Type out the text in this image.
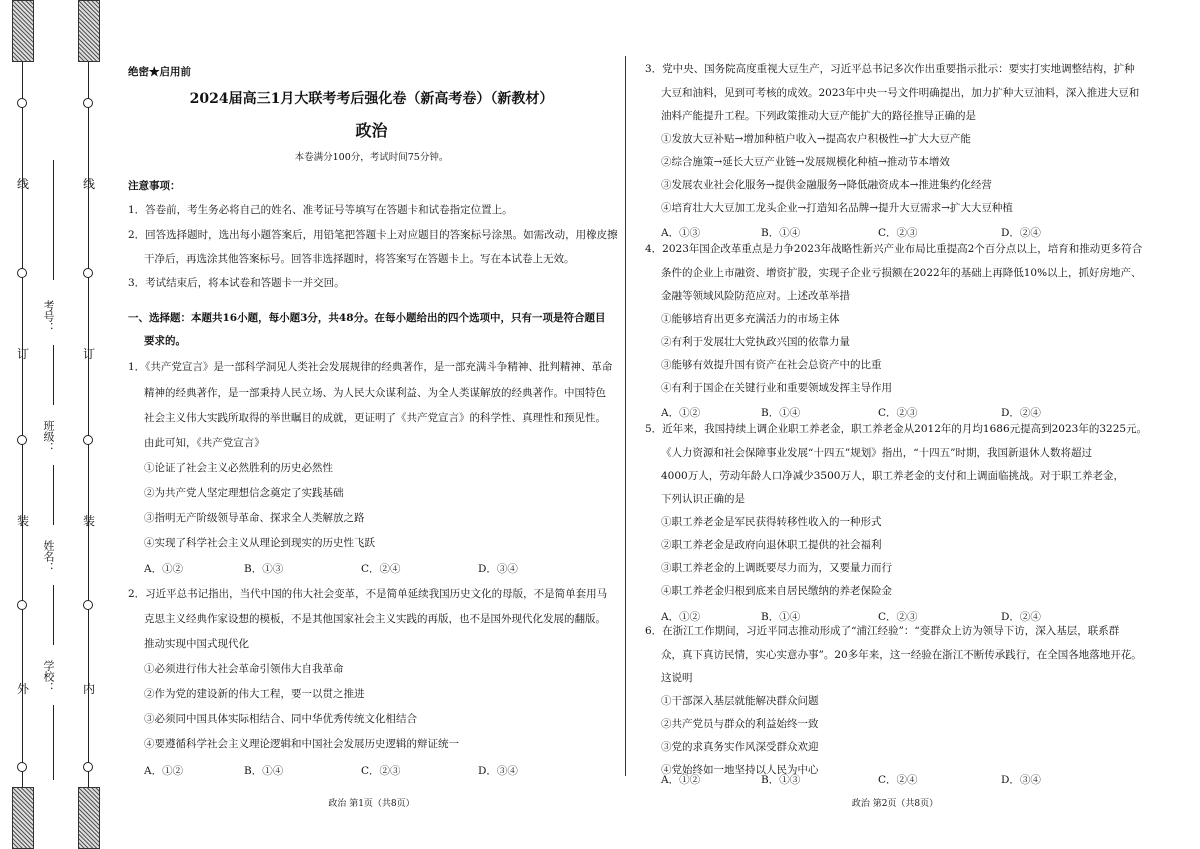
线
订
装
外	学校：
姓名：
班级：
考号：
线
订
装
内
绝密★启用前
2024届高三1月大联考考后强化卷（新高考卷）（新教材）
政治
本卷满分100分，考试时间75分钟。
注意事项：
1．答卷前，考生务必将自己的姓名、准考证号等填写在答题卡和试卷指定位置上。
2．回答选择题时，选出每小题答案后，用铅笔把答题卡上对应题目的答案标号涂黑。如需改动，用橡皮擦
干净后，再选涂其他答案标号。回答非选择题时，将答案写在答题卡上。写在本试卷上无效。
3．考试结束后，将本试卷和答题卡一并交回。
一、选择题：本题共16小题，每小题3分，共48分。在每小题给出的四个选项中，只有一项是符合题目
要求的。
1．《共产党宣言》是一部科学洞见人类社会发展规律的经典著作，是一部充满斗争精神、批判精神、革命
精神的经典著作，是一部秉持人民立场、为人民大众谋利益、为全人类谋解放的经典著作。中国特色
社会主义伟大实践所取得的举世瞩目的成就，更证明了《共产党宣言》的科学性、真理性和预见性。
由此可知，《共产党宣言》
①论证了社会主义必然胜利的历史必然性
②为共产党人坚定理想信念奠定了实践基础
③指明无产阶级领导革命、探求全人类解放之路
④实现了科学社会主义从理论到现实的历史性飞跃
A．①②	B．①③	C．②④	D．③④
2．习近平总书记指出，当代中国的伟大社会变革，不是简单延续我国历史文化的母版，不是简单套用马
克思主义经典作家设想的模板，不是其他国家社会主义实践的再版，也不是国外现代化发展的翻版。
推动实现中国式现代化
①必须进行伟大社会革命引领伟大自我革命
②作为党的建设新的伟大工程，要一以贯之推进
③必须同中国具体实际相结合、同中华优秀传统文化相结合
④要遵循科学社会主义理论逻辑和中国社会发展历史逻辑的辩证统一
A．①②	B．①④	C．②③	D．③④
政治 第1页（共8页）
3．党中央、国务院高度重视大豆生产，习近平总书记多次作出重要指示批示：要实打实地调整结构，扩种
大豆和油料，见到可考核的成效。2023年中央一号文件明确提出，加力扩种大豆油料，深入推进大豆和
油料产能提升工程。下列政策推动大豆产能扩大的路径推导正确的是
①发放大豆补贴→增加种植户收入→提高农户积极性→扩大大豆产能
②综合施策→延长大豆产业链→发展规模化种植→推动节本增效
③发展农业社会化服务→提供金融服务→降低融资成本→推进集约化经营
④培育壮大大豆加工龙头企业→打造知名品牌→提升大豆需求→扩大大豆种植
A．①③	B．①④	C．②③	D．②④
4．2023年国企改革重点是力争2023年战略性新兴产业布局比重提高2个百分点以上，培育和推动更多符合
条件的企业上市融资、增资扩股，实现子企业亏损额在2022年的基础上再降低10%以上，抓好房地产、
金融等领域风险防范应对。上述改革举措
①能够培育出更多充满活力的市场主体
②有利于发展壮大党执政兴国的依靠力量
③能够有效提升国有资产在社会总资产中的比重
④有利于国企在关键行业和重要领域发挥主导作用
A．①②	B．①④	C．②③	D．②④
5．近年来，我国持续上调企业职工养老金，职工养老金从2012年的月均1686元提高到2023年的3225元。
《人力资源和社会保障事业发展“十四五”规划》指出，“十四五”时期，我国新退休人数将超过
4000万人，劳动年龄人口净减少3500万人，职工养老金的支付和上调面临挑战。对于职工养老金，
下列认识正确的是
①职工养老金是军民获得转移性收入的一种形式
②职工养老金是政府向退休职工提供的社会福利
③职工养老金的上调既要尽力而为，又要量力而行
④职工养老金归根到底来自居民缴纳的养老保险金
A．①②	B．①④	C．②③	D．②④
6．在浙江工作期间，习近平同志推动形成了“浦江经验”：“变群众上访为领导下访，深入基层，联系群
众，真下真访民情，实心实意办事”。20多年来，这一经验在浙江不断传承践行，在全国各地落地开花。
这说明
①干部深入基层就能解决群众问题
②共产党员与群众的利益始终一致
③党的求真务实作风深受群众欢迎
④党始终如一地坚持以人民为中心
A．①②	B．①③	C．②④	D．③④
政治 第2页（共8页）
